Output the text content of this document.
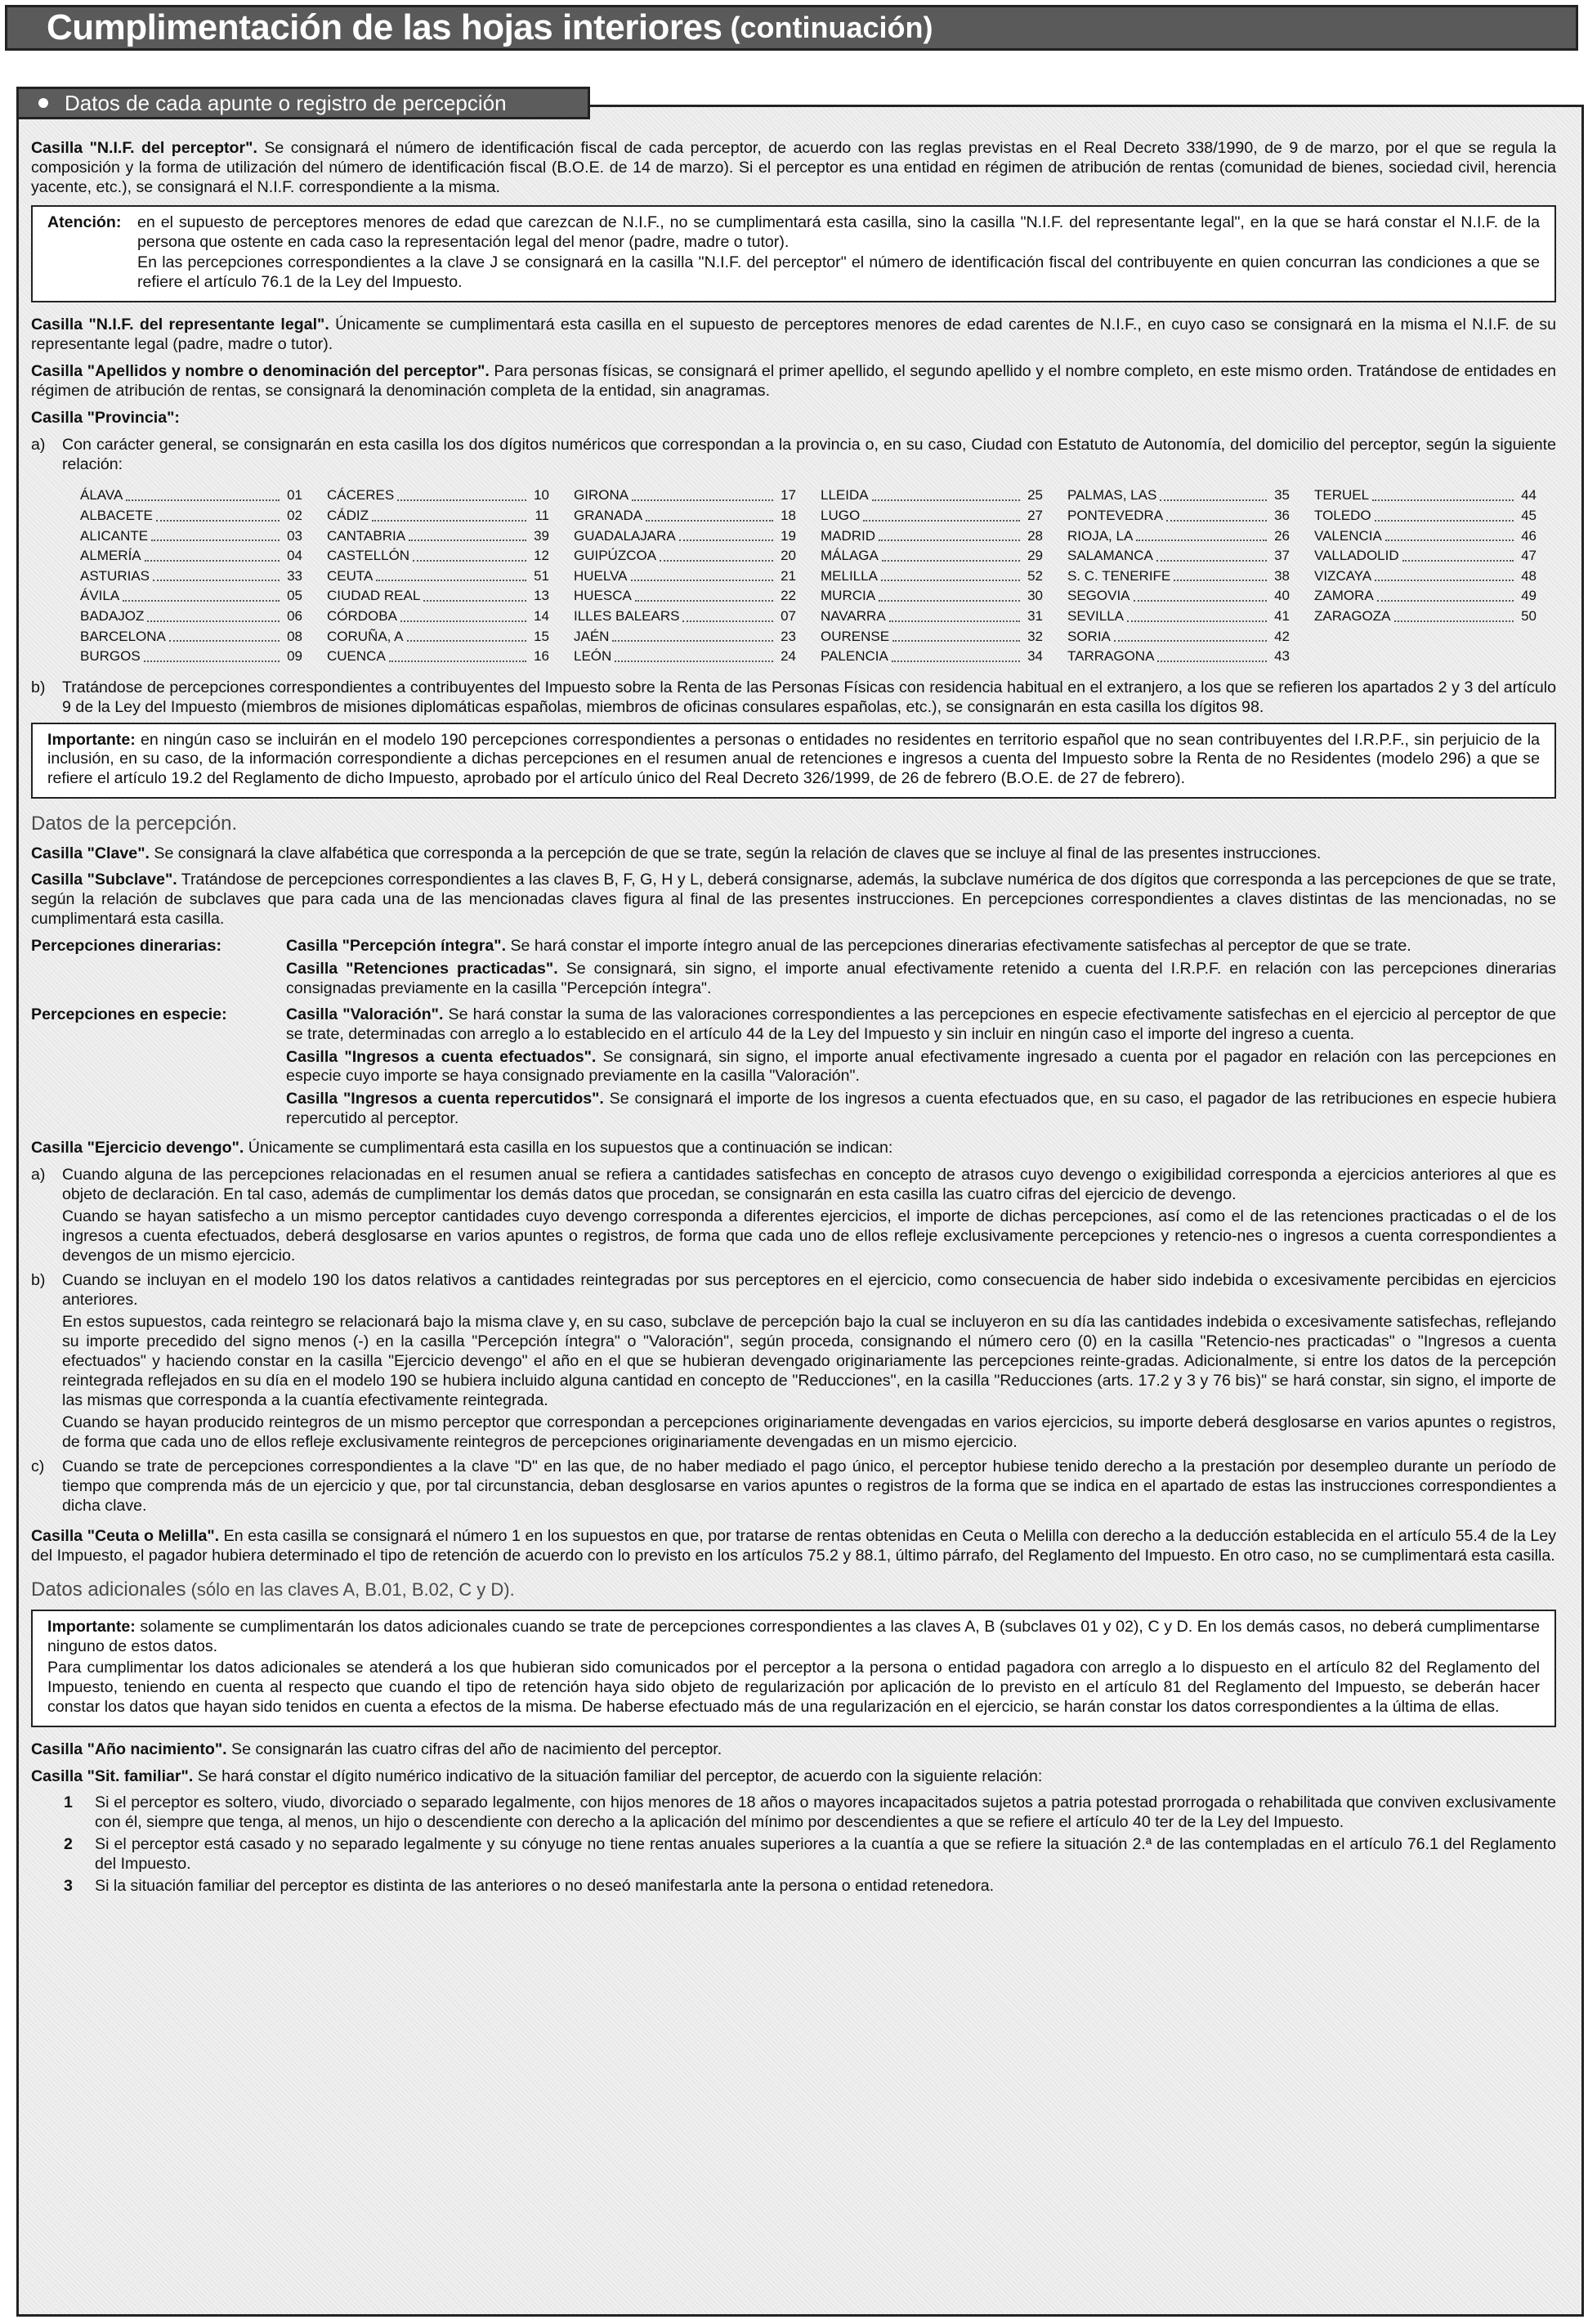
Cumplimentación de las hojas interiores (continuación)
Datos de cada apunte o registro de percepción

Casilla "N.I.F. del perceptor". Se consignará el número de identificación fiscal de cada perceptor, de acuerdo con las reglas previstas en el Real Decreto 338/1990, de 9 de marzo, por el que se regula la composición y la forma de utilización del número de identificación fiscal (B.O.E. de 14 de marzo). Si el perceptor es una entidad en régimen de atribución de rentas (comunidad de bienes, sociedad civil, herencia yacente, etc.), se consignará el N.I.F. correspondiente a la misma.

Atención:	en el supuesto de perceptores menores de edad que carezcan de N.I.F., no se cumplimentará esta casilla, sino la casilla "N.I.F. del representante legal", en la que se hará constar el N.I.F. de la persona que ostente en cada caso la representación legal del menor (padre, madre o tutor).

En las percepciones correspondientes a la clave J se consignará en la casilla "N.I.F. del perceptor" el número de identificación fiscal del contribuyente en quien concurran las condiciones a que se refiere el artículo 76.1 de la Ley del Impuesto.

Casilla "N.I.F. del representante legal". Únicamente se cumplimentará esta casilla en el supuesto de perceptores menores de edad carentes de N.I.F., en cuyo caso se consignará en la misma el N.I.F. de su representante legal (padre, madre o tutor).

Casilla "Apellidos y nombre o denominación del perceptor". Para personas físicas, se consignará el primer apellido, el segundo apellido y el nombre completo, en este mismo orden. Tratándose de entidades en régimen de atribución de rentas, se consignará la denominación completa de la entidad, sin anagramas.

Casilla "Provincia":

a)	Con carácter general, se consignarán en esta casilla los dos dígitos numéricos que correspondan a la provincia o, en su caso, Ciudad con Estatuto de Autonomía, del domicilio del perceptor, según la siguiente relación:
ÁLAVA	01 CÁCERES	10 GIRONA	17 LLEIDA	25 PALMAS, LAS	35 TERUEL	44
ALBACETE	02 CÁDIZ	11 GRANADA	18 LUGO	27 PONTEVEDRA	36 TOLEDO	45
ALICANTE	03 CANTABRIA	39 GUADALAJARA	19 MADRID	28 RIOJA, LA	26 VALENCIA	46
ALMERÍA	04 CASTELLÓN	12 GUIPÚZCOA	20 MÁLAGA	29 SALAMANCA	37 VALLADOLID	47
ASTURIAS	33 CEUTA	51 HUELVA	21 MELILLA	52 S. C. TENERIFE	38 VIZCAYA	48
ÁVILA	05 CIUDAD REAL	13 HUESCA	22 MURCIA	30 SEGOVIA	40 ZAMORA	49
BADAJOZ	06 CÓRDOBA	14 ILLES BALEARS	07 NAVARRA	31 SEVILLA	41 ZARAGOZA	50
BARCELONA	08 CORUÑA, A	15 JAÉN	23 OURENSE	32 SORIA	42
BURGOS	09 CUENCA	16 LEÓN	24 PALENCIA	34 TARRAGONA	43
b)	Tratándose de percepciones correspondientes a contribuyentes del Impuesto sobre la Renta de las Personas Físicas con residencia habitual en el extranjero, a los que se refieren los apartados 2 y 3 del artículo 9 de la Ley del Impuesto (miembros de misiones diplomáticas españolas, miembros de oficinas consulares españolas, etc.), se consignarán en esta casilla los dígitos 98.

Importante: en ningún caso se incluirán en el modelo 190 percepciones correspondientes a personas o entidades no residentes en territorio español que no sean contribuyentes del I.R.P.F., sin perjuicio de la inclusión, en su caso, de la información correspondiente a dichas percepciones en el resumen anual de retenciones e ingresos a cuenta del Impuesto sobre la Renta de no Residentes (modelo 296) a que se refiere el artículo 19.2 del Reglamento de dicho Impuesto, aprobado por el artículo único del Real Decreto 326/1999, de 26 de febrero (B.O.E. de 27 de febrero).

Datos de la percepción.

Casilla "Clave". Se consignará la clave alfabética que corresponda a la percepción de que se trate, según la relación de claves que se incluye al final de las presentes instrucciones.

Casilla "Subclave". Tratándose de percepciones correspondientes a las claves B, F, G, H y L, deberá consignarse, además, la subclave numérica de dos dígitos que corresponda a las percepciones de que se trate, según la relación de subclaves que para cada una de las mencionadas claves figura al final de las presentes instrucciones. En percepciones correspondientes a claves distintas de las mencionadas, no se cumplimentará esta casilla.

Percepciones dinerarias:	Casilla "Percepción íntegra". Se hará constar el importe íntegro anual de las percepciones dinerarias efectivamente satisfechas al perceptor de que se trate.

Casilla "Retenciones practicadas". Se consignará, sin signo, el importe anual efectivamente retenido a cuenta del I.R.P.F. en relación con las percepciones dinerarias consignadas previamente en la casilla "Percepción íntegra".

Percepciones en especie:	Casilla "Valoración". Se hará constar la suma de las valoraciones correspondientes a las percepciones en especie efectivamente satisfechas en el ejercicio al perceptor de que se trate, determinadas con arreglo a lo establecido en el artículo 44 de la Ley del Impuesto y sin incluir en ningún caso el importe del ingreso a cuenta.

Casilla "Ingresos a cuenta efectuados". Se consignará, sin signo, el importe anual efectivamente ingresado a cuenta por el pagador en relación con las percepciones en especie cuyo importe se haya consignado previamente en la casilla "Valoración".

Casilla "Ingresos a cuenta repercutidos". Se consignará el importe de los ingresos a cuenta efectuados que, en su caso, el pagador de las retribuciones en especie hubiera repercutido al perceptor.

Casilla "Ejercicio devengo". Únicamente se cumplimentará esta casilla en los supuestos que a continuación se indican:

a)	Cuando alguna de las percepciones relacionadas en el resumen anual se refiera a cantidades satisfechas en concepto de atrasos cuyo devengo o exigibilidad corresponda a ejercicios anteriores al que es objeto de declaración. En tal caso, además de cumplimentar los demás datos que procedan, se consignarán en esta casilla las cuatro cifras del ejercicio de devengo.

Cuando se hayan satisfecho a un mismo perceptor cantidades cuyo devengo corresponda a diferentes ejercicios, el importe de dichas percepciones, así como el de las retenciones practicadas o el de los ingresos a cuenta efectuados, deberá desglosarse en varios apuntes o registros, de forma que cada uno de ellos refleje exclusivamente percepciones y retencio-nes o ingresos a cuenta correspondientes a devengos de un mismo ejercicio.

b)	Cuando se incluyan en el modelo 190 los datos relativos a cantidades reintegradas por sus perceptores en el ejercicio, como consecuencia de haber sido indebida o excesivamente percibidas en ejercicios anteriores.

En estos supuestos, cada reintegro se relacionará bajo la misma clave y, en su caso, subclave de percepción bajo la cual se incluyeron en su día las cantidades indebida o excesivamente satisfechas, reflejando su importe precedido del signo menos (-) en la casilla "Percepción íntegra" o "Valoración", según proceda, consignando el número cero (0) en la casilla "Retencio-nes practicadas" o "Ingresos a cuenta efectuados" y haciendo constar en la casilla "Ejercicio devengo" el año en el que se hubieran devengado originariamente las percepciones reinte-gradas. Adicionalmente, si entre los datos de la percepción reintegrada reflejados en su día en el modelo 190 se hubiera incluido alguna cantidad en concepto de "Reducciones", en la casilla "Reducciones (arts. 17.2 y 3 y 76 bis)" se hará constar, sin signo, el importe de las mismas que corresponda a la cuantía efectivamente reintegrada.

Cuando se hayan producido reintegros de un mismo perceptor que correspondan a percepciones originariamente devengadas en varios ejercicios, su importe deberá desglosarse en varios apuntes o registros, de forma que cada uno de ellos refleje exclusivamente reintegros de percepciones originariamente devengadas en un mismo ejercicio.

c)	Cuando se trate de percepciones correspondientes a la clave "D" en las que, de no haber mediado el pago único, el perceptor hubiese tenido derecho a la prestación por desempleo durante un período de tiempo que comprenda más de un ejercicio y que, por tal circunstancia, deban desglosarse en varios apuntes o registros de la forma que se indica en el apartado de estas las instrucciones correspondientes a dicha clave.

Casilla "Ceuta o Melilla". En esta casilla se consignará el número 1 en los supuestos en que, por tratarse de rentas obtenidas en Ceuta o Melilla con derecho a la deducción establecida en el artículo 55.4 de la Ley del Impuesto, el pagador hubiera determinado el tipo de retención de acuerdo con lo previsto en los artículos 75.2 y 88.1, último párrafo, del Reglamento del Impuesto. En otro caso, no se cumplimentará esta casilla.

Datos adicionales (sólo en las claves A, B.01, B.02, C y D).

Importante: solamente se cumplimentarán los datos adicionales cuando se trate de percepciones correspondientes a las claves A, B (subclaves 01 y 02), C y D. En los demás casos, no deberá cumplimentarse ninguno de estos datos.

Para cumplimentar los datos adicionales se atenderá a los que hubieran sido comunicados por el perceptor a la persona o entidad pagadora con arreglo a lo dispuesto en el artículo 82 del Reglamento del Impuesto, teniendo en cuenta al respecto que cuando el tipo de retención haya sido objeto de regularización por aplicación de lo previsto en el artículo 81 del Reglamento del Impuesto, se deberán hacer constar los datos que hayan sido tenidos en cuenta a efectos de la misma. De haberse efectuado más de una regularización en el ejercicio, se harán constar los datos correspondientes a la última de ellas.

Casilla "Año nacimiento". Se consignarán las cuatro cifras del año de nacimiento del perceptor.

Casilla "Sit. familiar". Se hará constar el dígito numérico indicativo de la situación familiar del perceptor, de acuerdo con la siguiente relación:

1	Si el perceptor es soltero, viudo, divorciado o separado legalmente, con hijos menores de 18 años o mayores incapacitados sujetos a patria potestad prorrogada o rehabilitada que conviven exclusivamente con él, siempre que tenga, al menos, un hijo o descendiente con derecho a la aplicación del mínimo por descendientes a que se refiere el artículo 40 ter de la Ley del Impuesto.
2	Si el perceptor está casado y no separado legalmente y su cónyuge no tiene rentas anuales superiores a la cuantía a que se refiere la situación 2.ª de las contempladas en el artículo 76.1 del Reglamento del Impuesto.
3	Si la situación familiar del perceptor es distinta de las anteriores o no deseó manifestarla ante la persona o entidad retenedora.
